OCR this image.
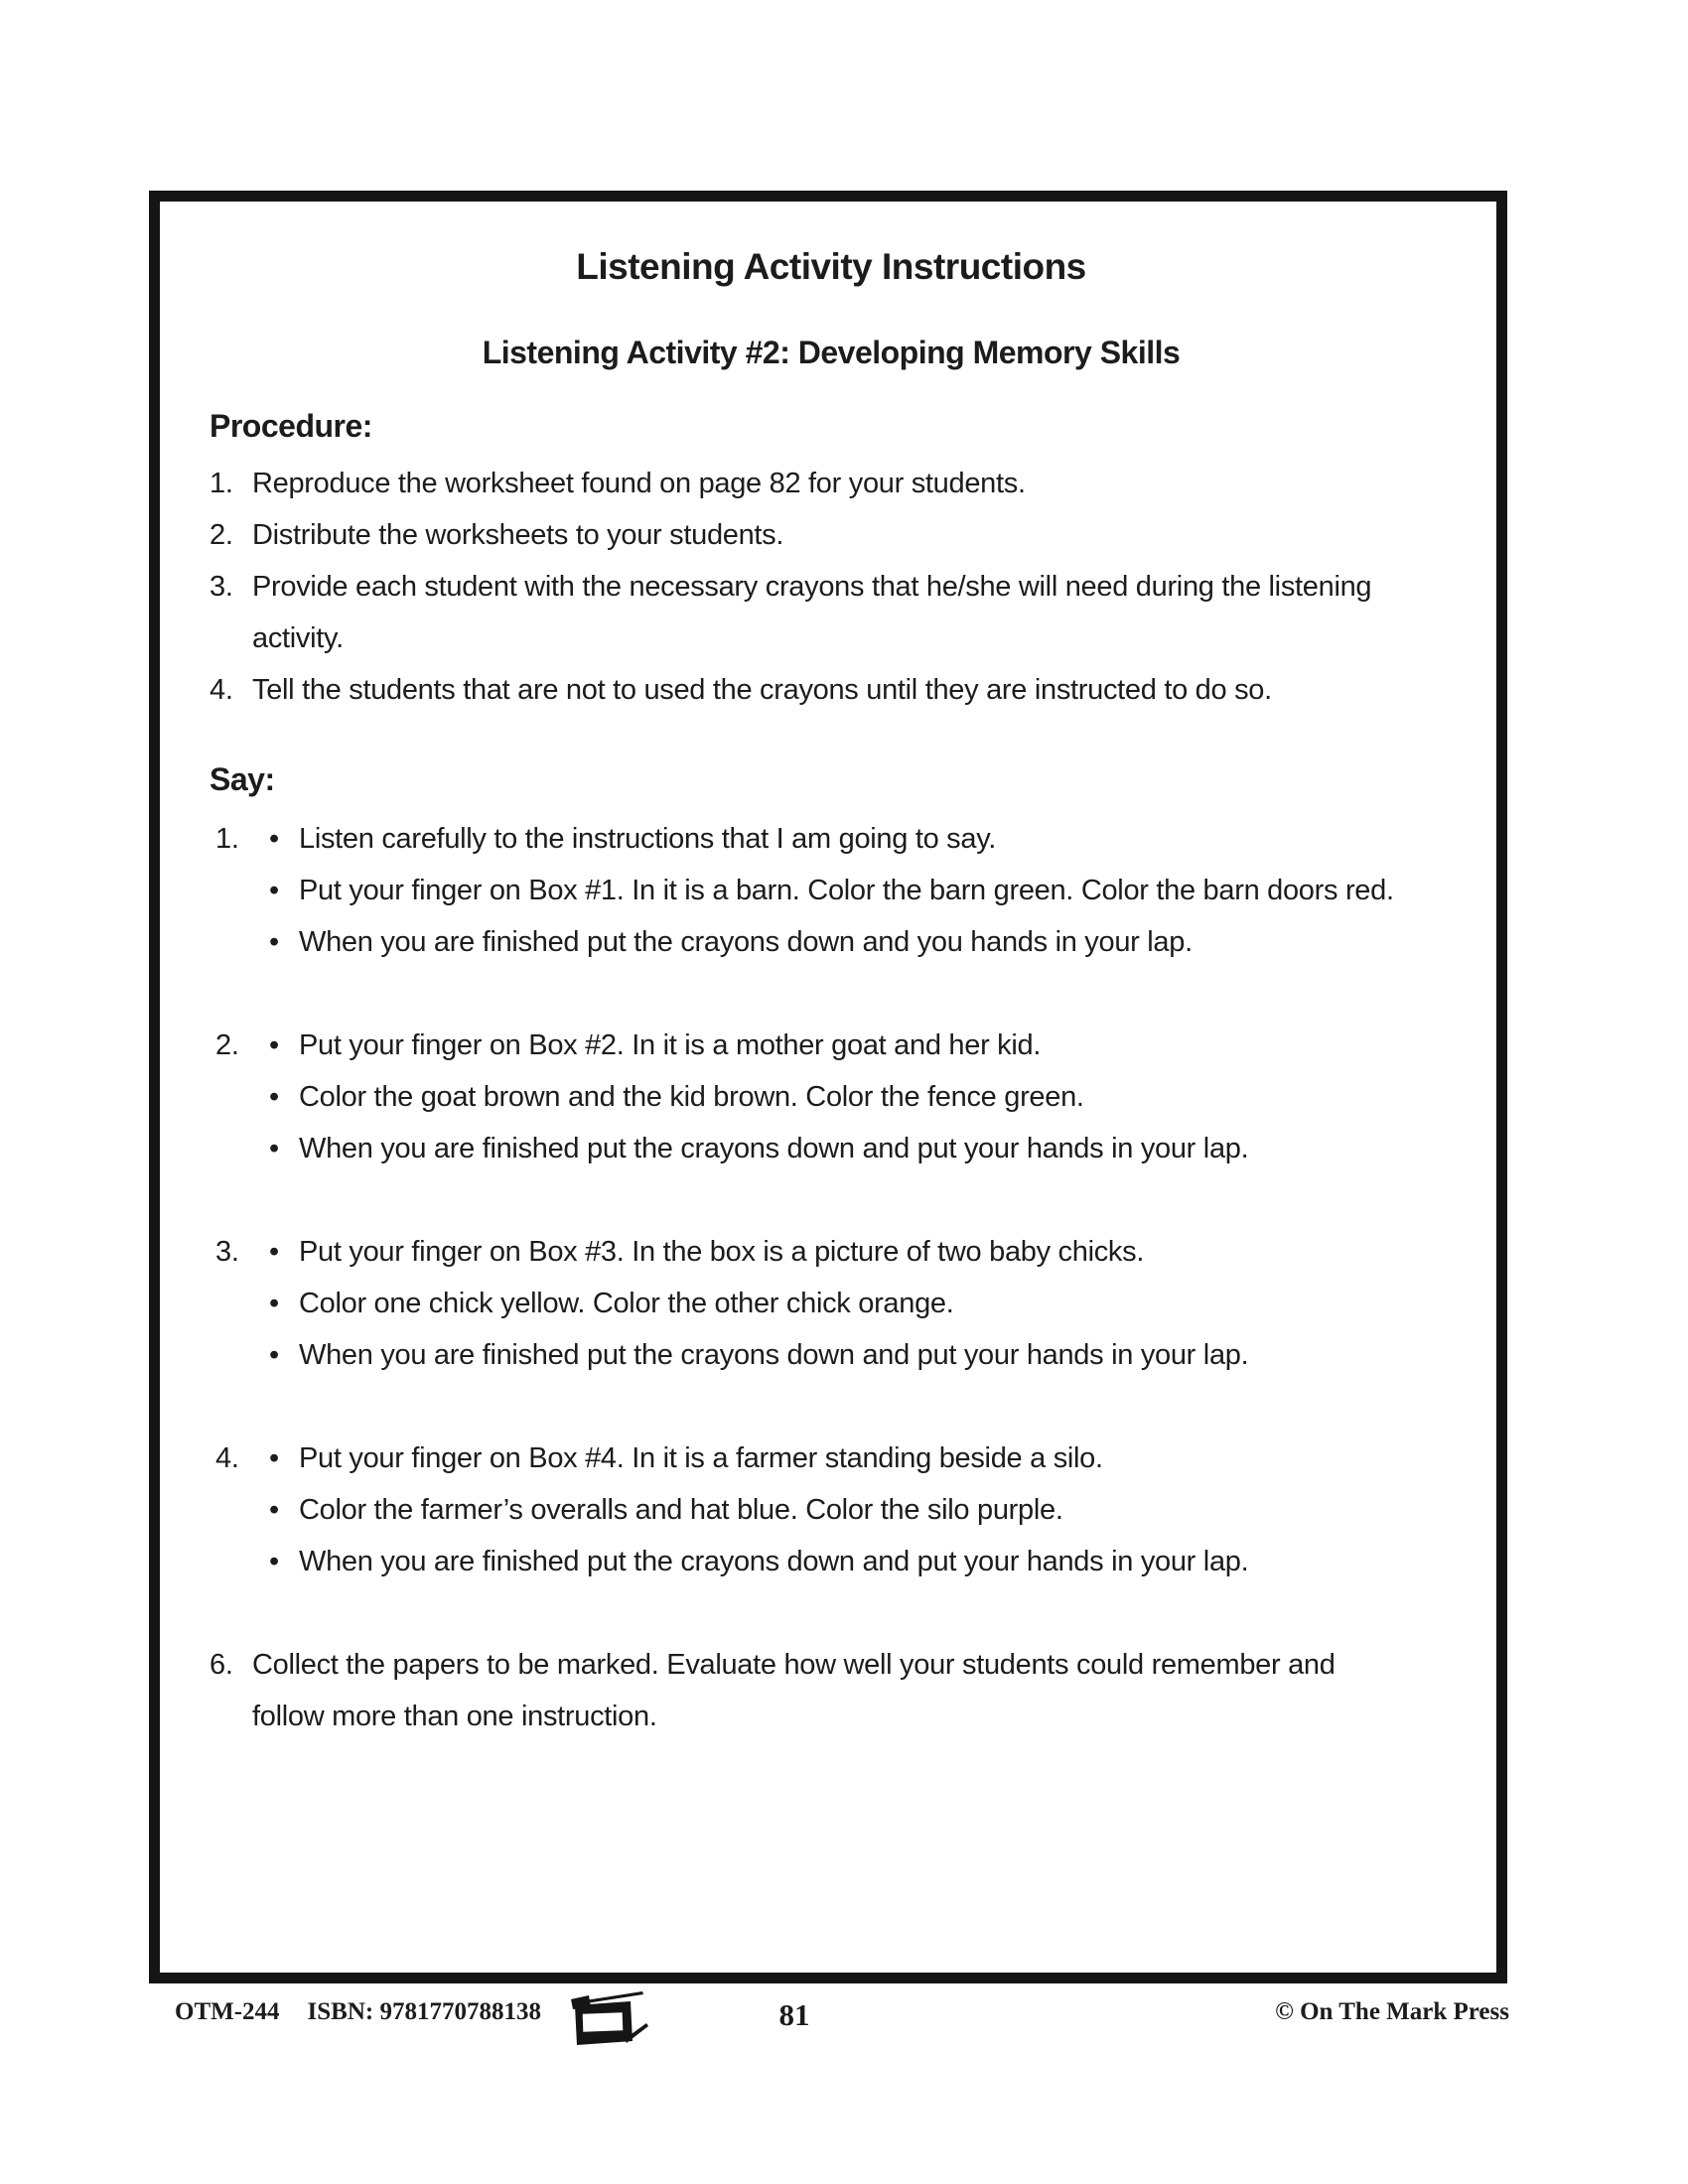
Listening Activity Instructions
Listening Activity #2: Developing Memory Skills
Procedure:
1. Reproduce the worksheet found on page 82 for your students.
2. Distribute the worksheets to your students.
3. Provide each student with the necessary crayons that he/she will need during the listening activity.
4. Tell the students that are not to used the crayons until they are instructed to do so.
Say:
1.	• Listen carefully to the instructions that I am going to say.
• Put your finger on Box #1. In it is a barn. Color the barn green. Color the barn doors red.
• When you are finished put the crayons down and you hands in your lap.
2.	• Put your finger on Box #2. In it is a mother goat and her kid.
• Color the goat brown and the kid brown. Color the fence green.
• When you are finished put the crayons down and put your hands in your lap.
3.	• Put your finger on Box #3. In the box is a picture of two baby chicks.
• Color one chick yellow. Color the other chick orange.
• When you are finished put the crayons down and put your hands in your lap.
4.	• Put your finger on Box #4. In it is a farmer standing beside a silo.
• Color the farmer’s overalls and hat blue. Color the silo purple.
• When you are finished put the crayons down and put your hands in your lap.
6. Collect the papers to be marked. Evaluate how well your students could remember and follow more than one instruction.
OTM-244 ISBN: 9781770788138	81	© On The Mark Press
